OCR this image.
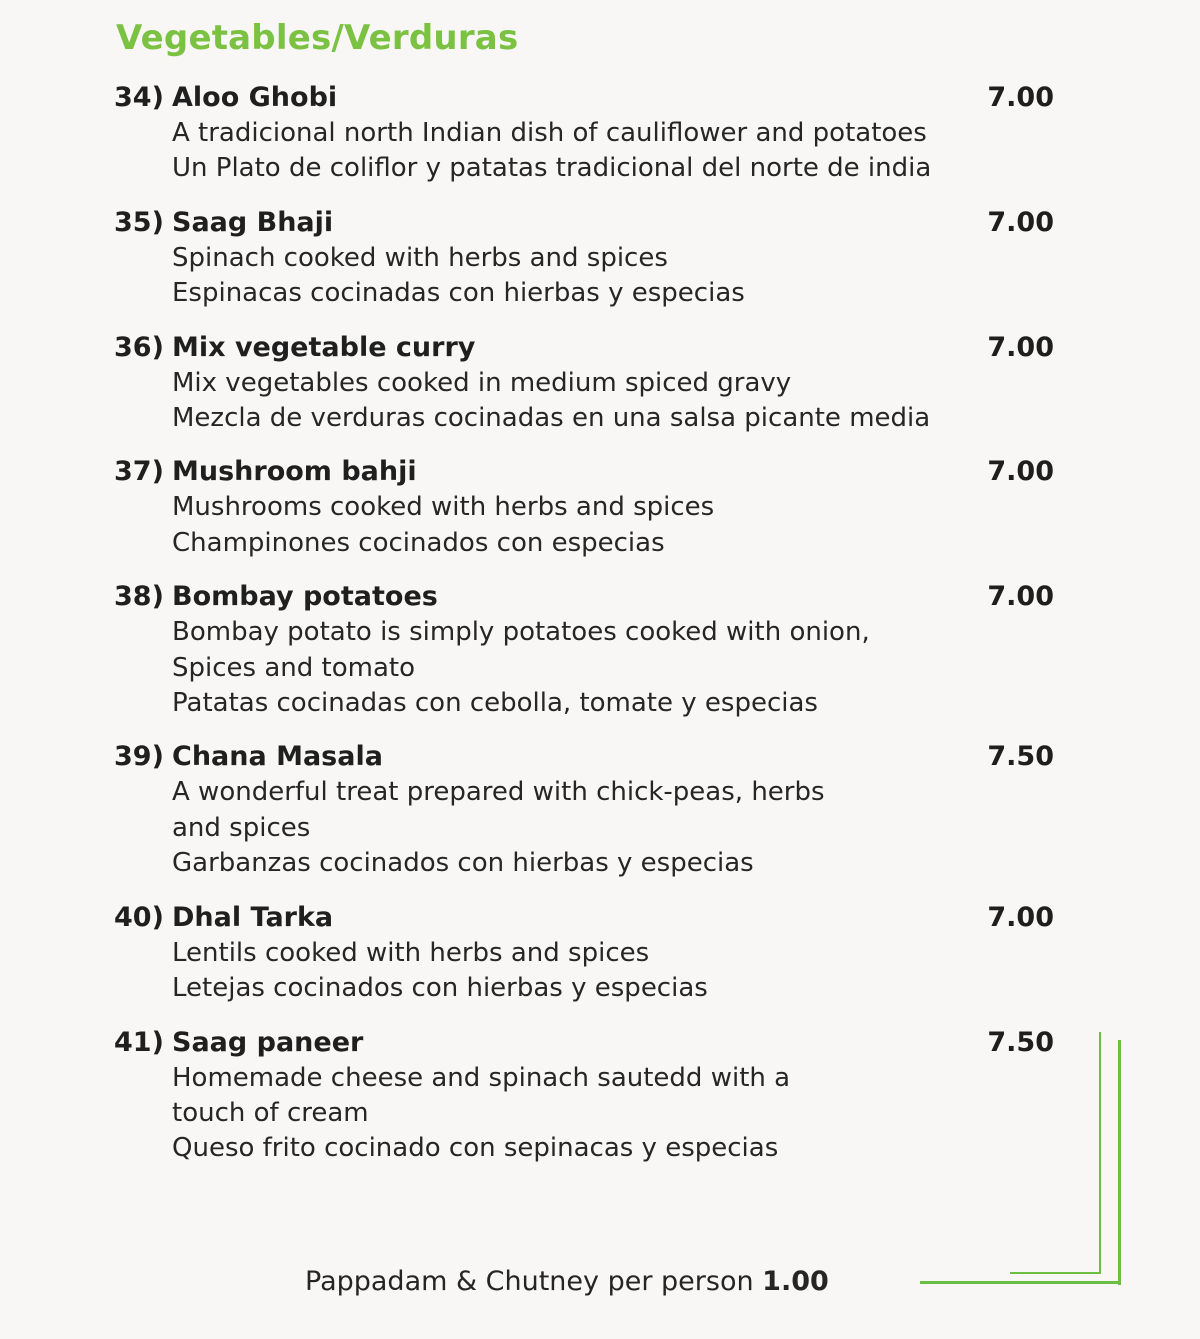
Vegetables/Verduras
34) Aloo Ghobi	7.00
A tradicional north Indian dish of cauliflower and potatoes
Un Plato de coliflor y patatas tradicional del norte de india
35) Saag Bhaji	7.00
Spinach cooked with herbs and spices
Espinacas cocinadas con hierbas y especias
36) Mix vegetable curry	7.00
Mix vegetables cooked in medium spiced gravy
Mezcla de verduras cocinadas en una salsa picante media
37) Mushroom bahji	7.00
Mushrooms cooked with herbs and spices
Champinones cocinados con especias
38) Bombay potatoes	7.00
Bombay potato is simply potatoes cooked with onion,
Spices and tomato
Patatas cocinadas con cebolla, tomate y especias
39) Chana Masala	7.50
A wonderful treat prepared with chick-peas, herbs
and spices
Garbanzas cocinados con hierbas y especias
40) Dhal Tarka	7.00
Lentils cooked with herbs and spices
Letejas cocinados con hierbas y especias
41) Saag paneer	7.50
Homemade cheese and spinach sautedd with a
touch of cream
Queso frito cocinado con sepinacas y especias
Pappadam & Chutney per person 1.00
